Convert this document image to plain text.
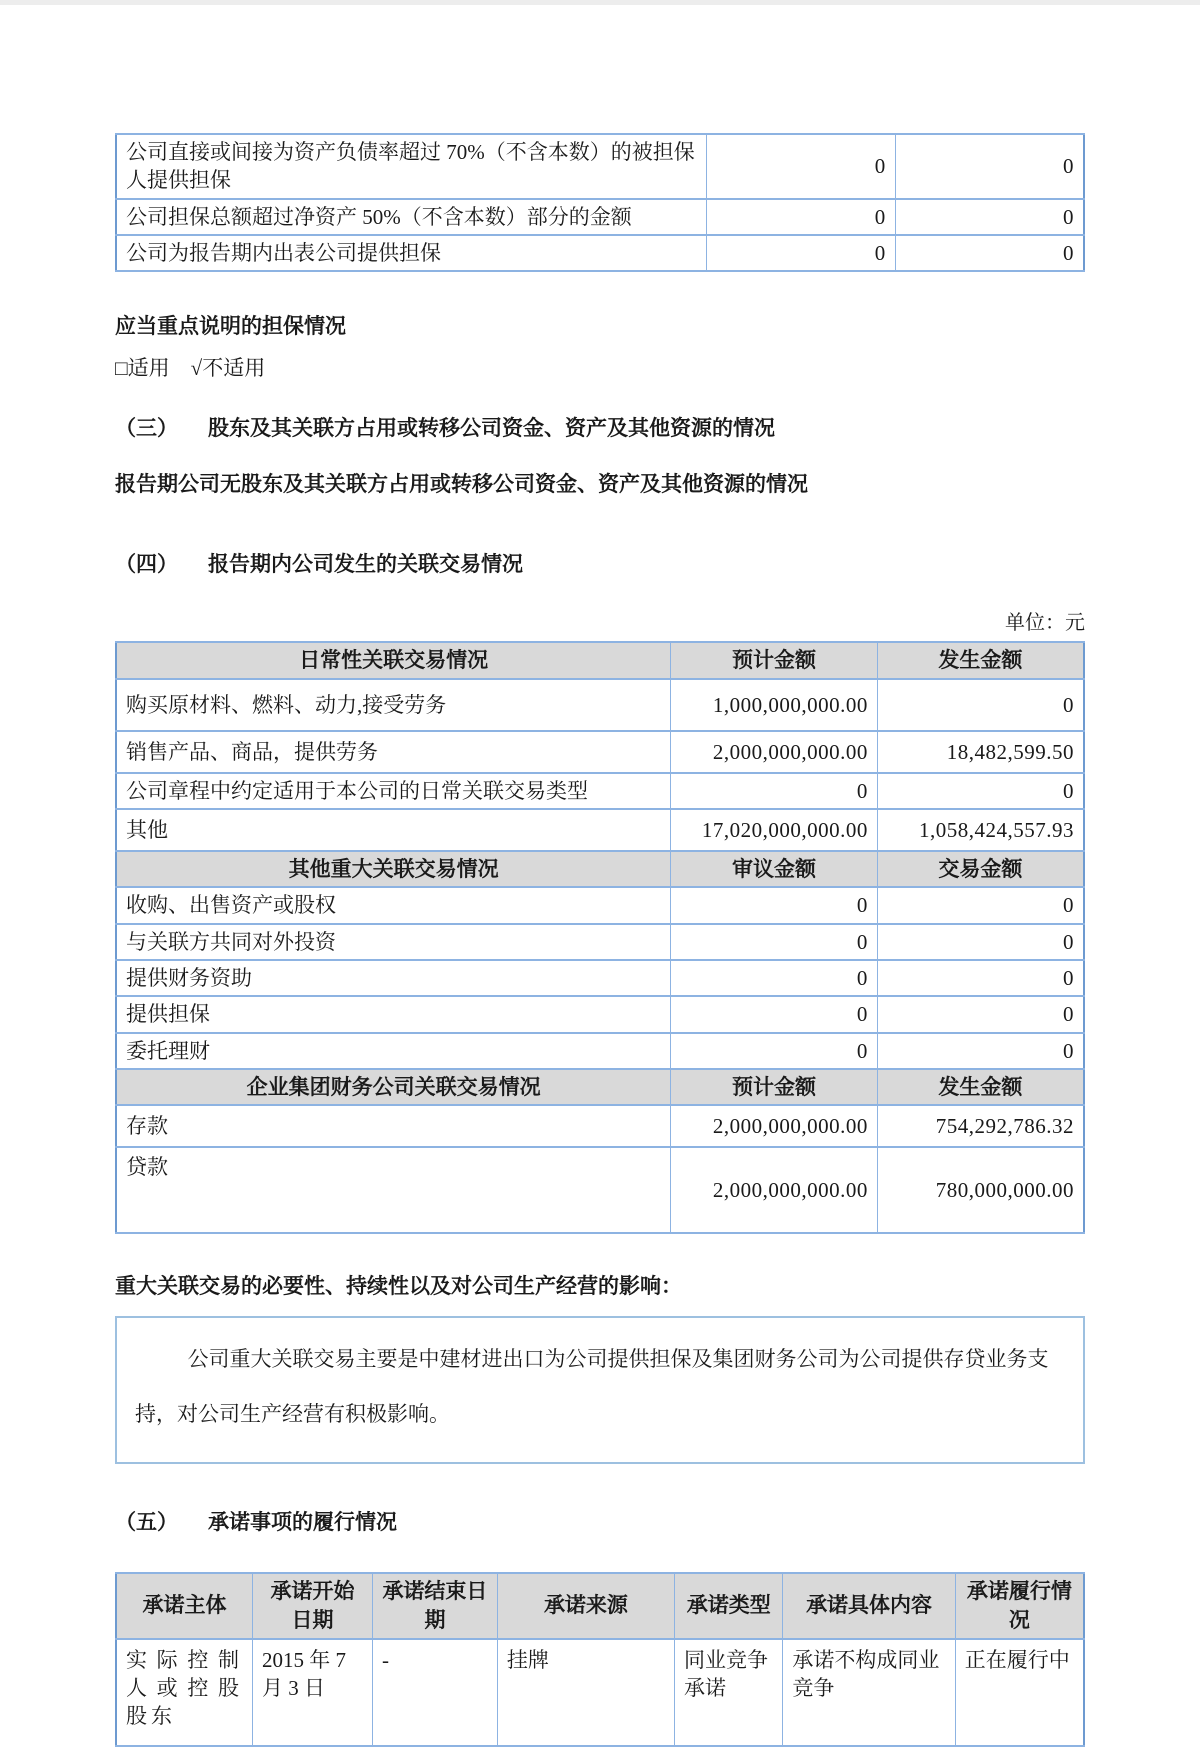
公司直接或间接为资产负债率超过 70%（不含本数）的被担保人提供担保	0	0
公司担保总额超过净资产 50%（不含本数）部分的金额	0	0
公司为报告期内出表公司提供担保	0	0

应当重点说明的担保情况

□适用　√不适用

（三） 股东及其关联方占用或转移公司资金、资产及其他资源的情况

报告期公司无股东及其关联方占用或转移公司资金、资产及其他资源的情况

（四） 报告期内公司发生的关联交易情况

单位：元

日常性关联交易情况	预计金额	发生金额
购买原材料、燃料、动力,接受劳务	1,000,000,000.00	0
销售产品、商品，提供劳务	2,000,000,000.00	18,482,599.50
公司章程中约定适用于本公司的日常关联交易类型	0	0
其他	17,020,000,000.00	1,058,424,557.93
其他重大关联交易情况	审议金额	交易金额
收购、出售资产或股权	0	0
与关联方共同对外投资	0	0
提供财务资助	0	0
提供担保	0	0
委托理财	0	0
企业集团财务公司关联交易情况	预计金额	发生金额
存款	2,000,000,000.00	754,292,786.32
贷款	2,000,000,000.00	780,000,000.00

重大关联交易的必要性、持续性以及对公司生产经营的影响：

公司重大关联交易主要是中建材进出口为公司提供担保及集团财务公司为公司提供存贷业务支持，对公司生产经营有积极影响。

（五） 承诺事项的履行情况

承诺主体	承诺开始日期	承诺结束日期	承诺来源	承诺类型	承诺具体内容	承诺履行情况
实际控制人或控股股东	2015 年 7 月 3 日	-	挂牌	同业竞争承诺	承诺不构成同业竞争	正在履行中
